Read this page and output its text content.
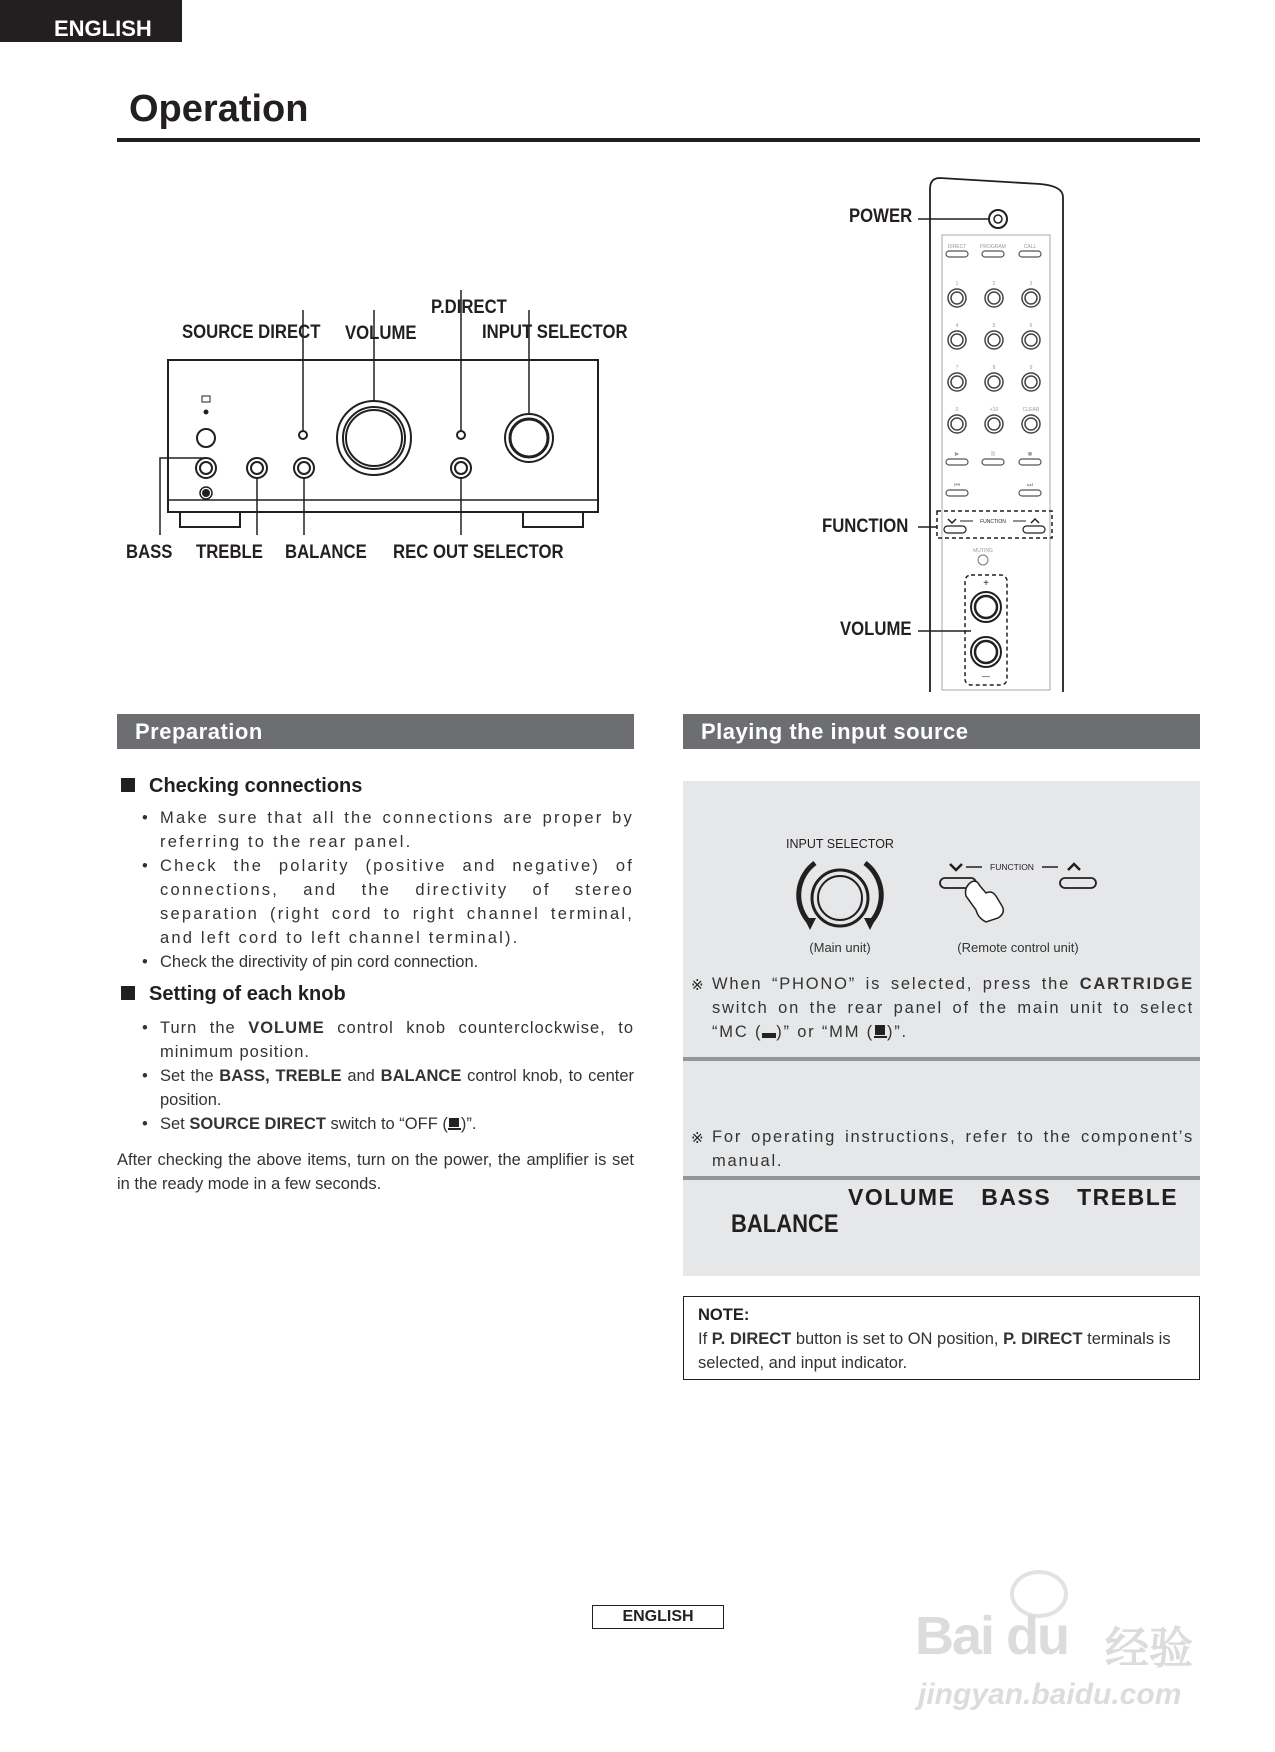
ENGLISH
Operation
SOURCE DIRECT VOLUME
P.DIRECT
INPUT SELECTOR
BASS TREBLE BALANCE REC OUT SELECTOR
DIRECT	PROGRAM	CALL
1	2	3
4	5	6
7	8	9
0	+10	CLEAR
►	II	■
⏮	⏭
FUNCTION
MUTING
+
—
POWER
FUNCTION
VOLUME
Preparation
Checking connections
• Make sure that all the connections are proper by referring to the rear panel.
• Check the polarity (positive and negative) of connections, and the directivity of stereo separation (right cord to right channel terminal, and left cord to left channel terminal).
• Check the directivity of pin cord connection.
Setting of each knob
• Turn the VOLUME control knob counterclockwise, to minimum position.
• Set the BASS, TREBLE and BALANCE control knob, to center position.
• Set SOURCE DIRECT switch to “OFF ( )”.
After checking the above items, turn on the power, the amplifier is set in the ready mode in a few seconds.
Playing the input source
INPUT SELECTOR
FUNCTION
(Main unit)	(Remote control unit)
※ When “PHONO” is selected, press the CARTRIDGE switch on the rear panel of the main unit to select “MC ( )” or “MM ( )”.
※ For operating instructions, refer to the component’s manual.
VOLUME BASS TREBLE
BALANCE
NOTE:
If P. DIRECT button is set to ON position, P. DIRECT terminals is selected, and input indicator.
ENGLISH	Bai du 经验
jingyan.baidu.com
